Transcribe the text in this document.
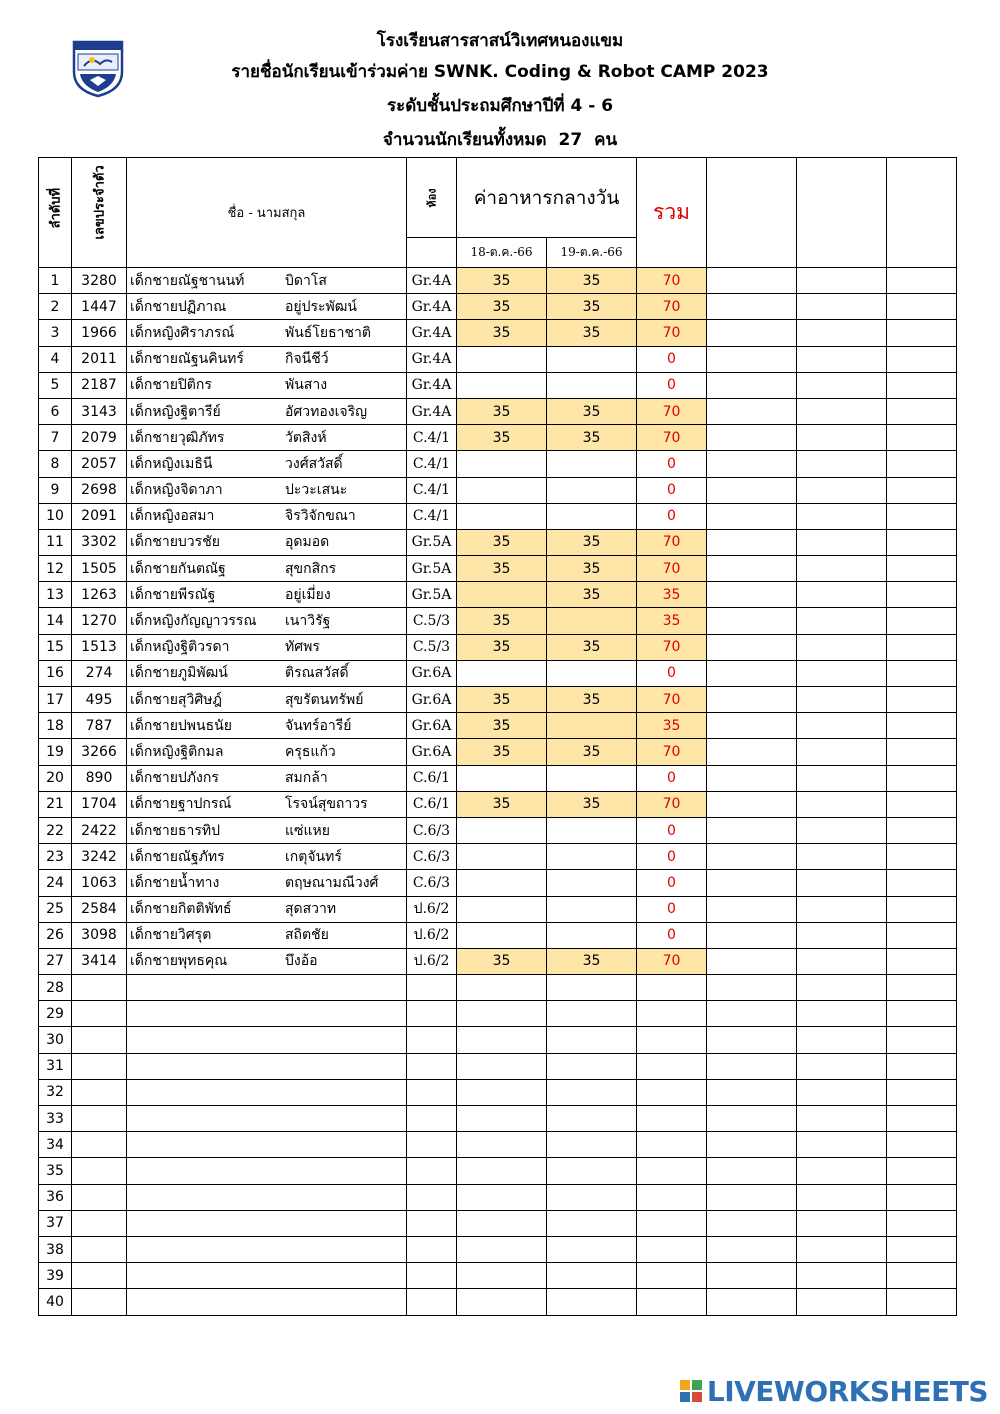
โรงเรียนสารสาสน์วิเทศหนองแขม
รายชื่อนักเรียนเข้าร่วมค่าย SWNK. Coding & Robot CAMP 2023
ระดับชั้นประถมศึกษาปีที่ 4 - 6
จำนวนนักเรียนทั้งหมด 27 คน
ลำดับที่	เลขประจำตัว	ชื่อ - นามสกุล	ห้อง	ค่าอาหารกลางวัน		รวม			
				18-ต.ค.-66	19-ต.ค.-66				
1	3280	เด็กชายณัฐชานนท์ บิดาโส	Gr.4A	35	35	70			
2	1447	เด็กชายปฏิภาณ อยู่ประพัฒน์	Gr.4A	35	35	70			
3	1966	เด็กหญิงศิราภรณ์ พันธ์โยธาชาติ	Gr.4A	35	35	70			
4	2011	เด็กชายณัฐนคินทร์ กิจนีชีว์	Gr.4A			0			
5	2187	เด็กชายปิติกร พันสาง	Gr.4A			0			
6	3143	เด็กหญิงฐิตารีย์ อัศวทองเจริญ	Gr.4A	35	35	70			
7	2079	เด็กชายวุฒิภัทร วัตสิงห์	C.4/1	35	35	70			
8	2057	เด็กหญิงเมธินี วงศ์สวัสดิ์	C.4/1			0			
9	2698	เด็กหญิงจิดาภา ปะวะเสนะ	C.4/1			0			
10	2091	เด็กหญิงอสมา จิรวิจักขณา	C.4/1			0			
11	3302	เด็กชายบวรชัย อุดมอด	Gr.5A	35	35	70			
12	1505	เด็กชายกันตณัฐ สุขกสิกร	Gr.5A	35	35	70			
13	1263	เด็กชายพีรณัฐ อยู่เมี่ยง	Gr.5A		35	35			
14	1270	เด็กหญิงกัญญาวรรณ เนาวิรัฐ	C.5/3	35		35			
15	1513	เด็กหญิงฐิติวรดา ทัศพร	C.5/3	35	35	70			
16	274	เด็กชายภูมิพัฒน์ ติรณสวัสดิ์	Gr.6A			0			
17	495	เด็กชายสุวิศิษฎ์ สุขรัตนทรัพย์	Gr.6A	35	35	70			
18	787	เด็กชายปพนธนัย จันทร์อารีย์	Gr.6A	35		35			
19	3266	เด็กหญิงฐิติกมล ครุธแก้ว	Gr.6A	35	35	70			
20	890	เด็กชายปภังกร สมกล้า	C.6/1			0			
21	1704	เด็กชายฐาปกรณ์ โรจน์สุขถาวร	C.6/1	35	35	70			
22	2422	เด็กชายธารทิป แซ่แหย	C.6/3			0			
23	3242	เด็กชายณัฐภัทร เกตุจันทร์	C.6/3			0			
24	1063	เด็กชายน้ำทาง ตฤษณามณีวงศ์	C.6/3			0			
25	2584	เด็กชายกิตติพัทธ์ สุดสวาท	ป.6/2			0			
26	3098	เด็กชายวิศรุต สถิตชัย	ป.6/2			0			
27	3414	เด็กชายพุทธคุณ บึงอ้อ	ป.6/2	35	35	70			
28									
29									
30									
31									
32									
33									
34									
35									
36									
37									
38									
39									
40									
LIVEWORKSHEETS
